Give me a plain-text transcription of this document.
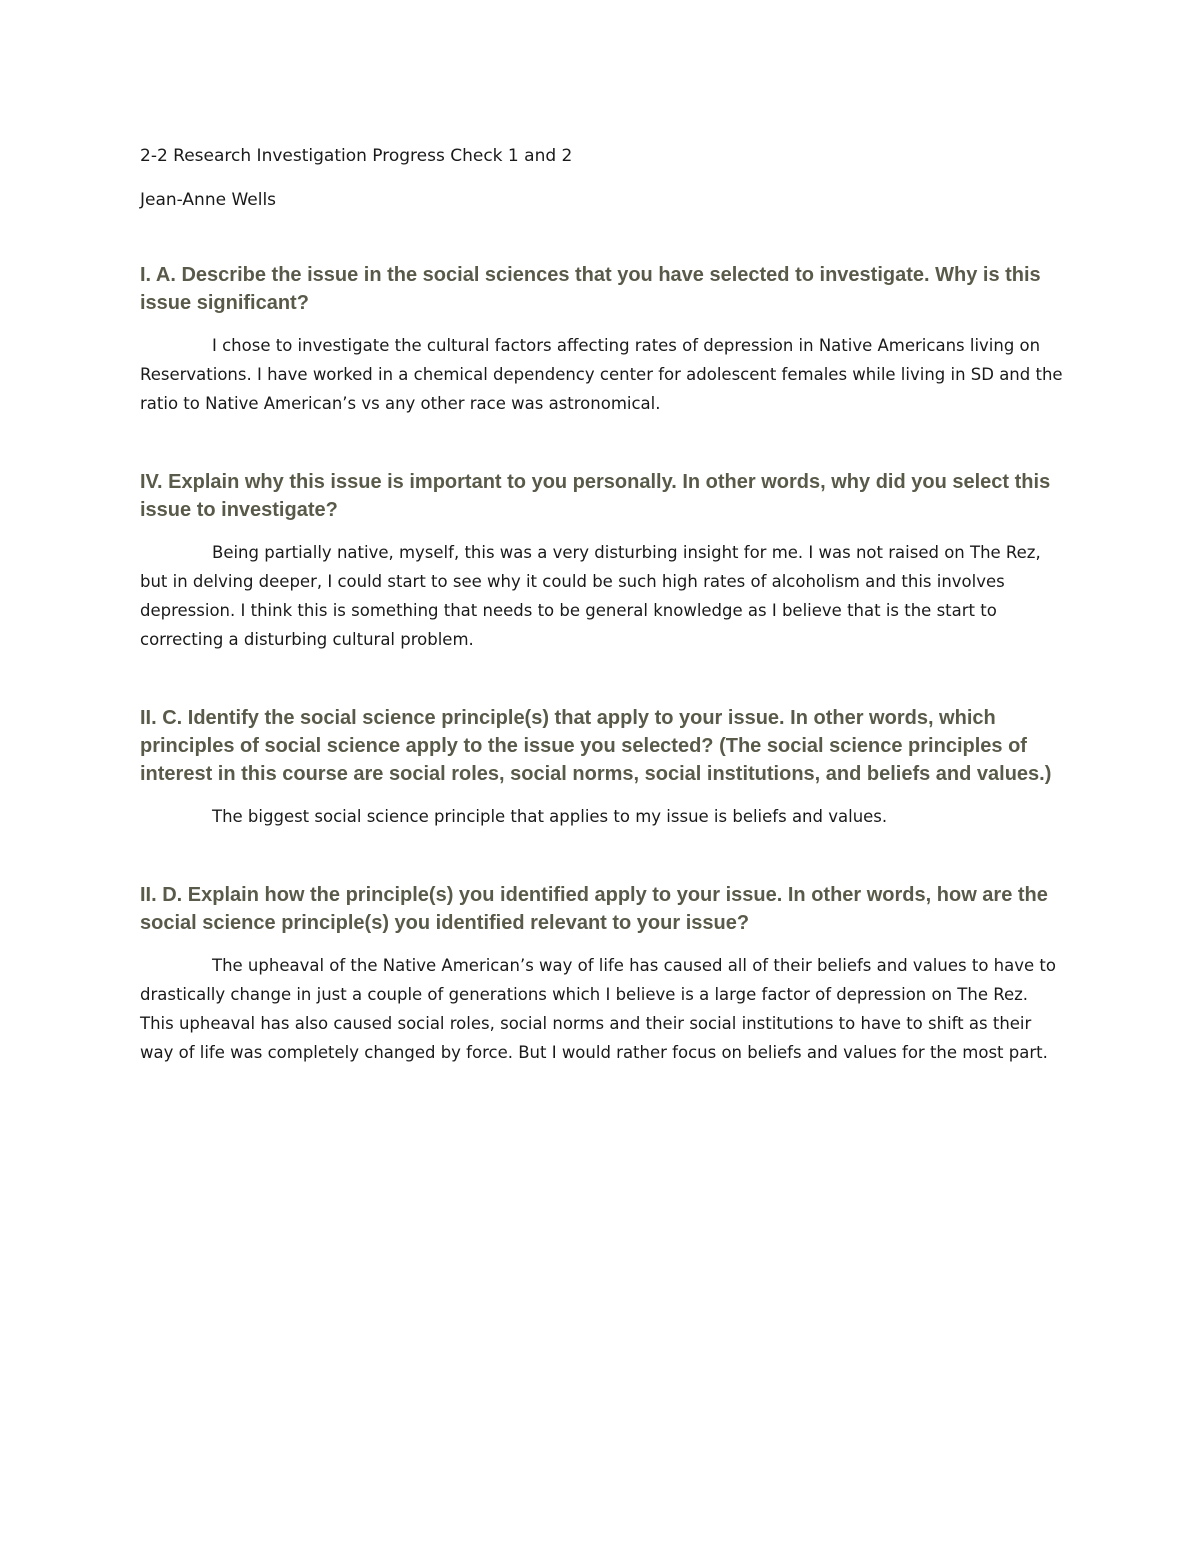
2-2 Research Investigation Progress Check 1 and 2

Jean-Anne Wells

I. A. Describe the issue in the social sciences that you have selected to investigate. Why is this issue significant?

I chose to investigate the cultural factors affecting rates of depression in Native Americans living on Reservations. I have worked in a chemical dependency center for adolescent females while living in SD and the ratio to Native American’s vs any other race was astronomical.

IV. Explain why this issue is important to you personally. In other words, why did you select this issue to investigate?

Being partially native, myself, this was a very disturbing insight for me. I was not raised on The Rez, but in delving deeper, I could start to see why it could be such high rates of alcoholism and this involves depression. I think this is something that needs to be general knowledge as I believe that is the start to correcting a disturbing cultural problem.

II. C. Identify the social science principle(s) that apply to your issue. In other words, which principles of social science apply to the issue you selected? (The social science principles of interest in this course are social roles, social norms, social institutions, and beliefs and values.)

The biggest social science principle that applies to my issue is beliefs and values.

II. D. Explain how the principle(s) you identified apply to your issue. In other words, how are the social science principle(s) you identified relevant to your issue?

The upheaval of the Native American’s way of life has caused all of their beliefs and values to have to drastically change in just a couple of generations which I believe is a large factor of depression on The Rez. This upheaval has also caused social roles, social norms and their social institutions to have to shift as their way of life was completely changed by force. But I would rather focus on beliefs and values for the most part.
